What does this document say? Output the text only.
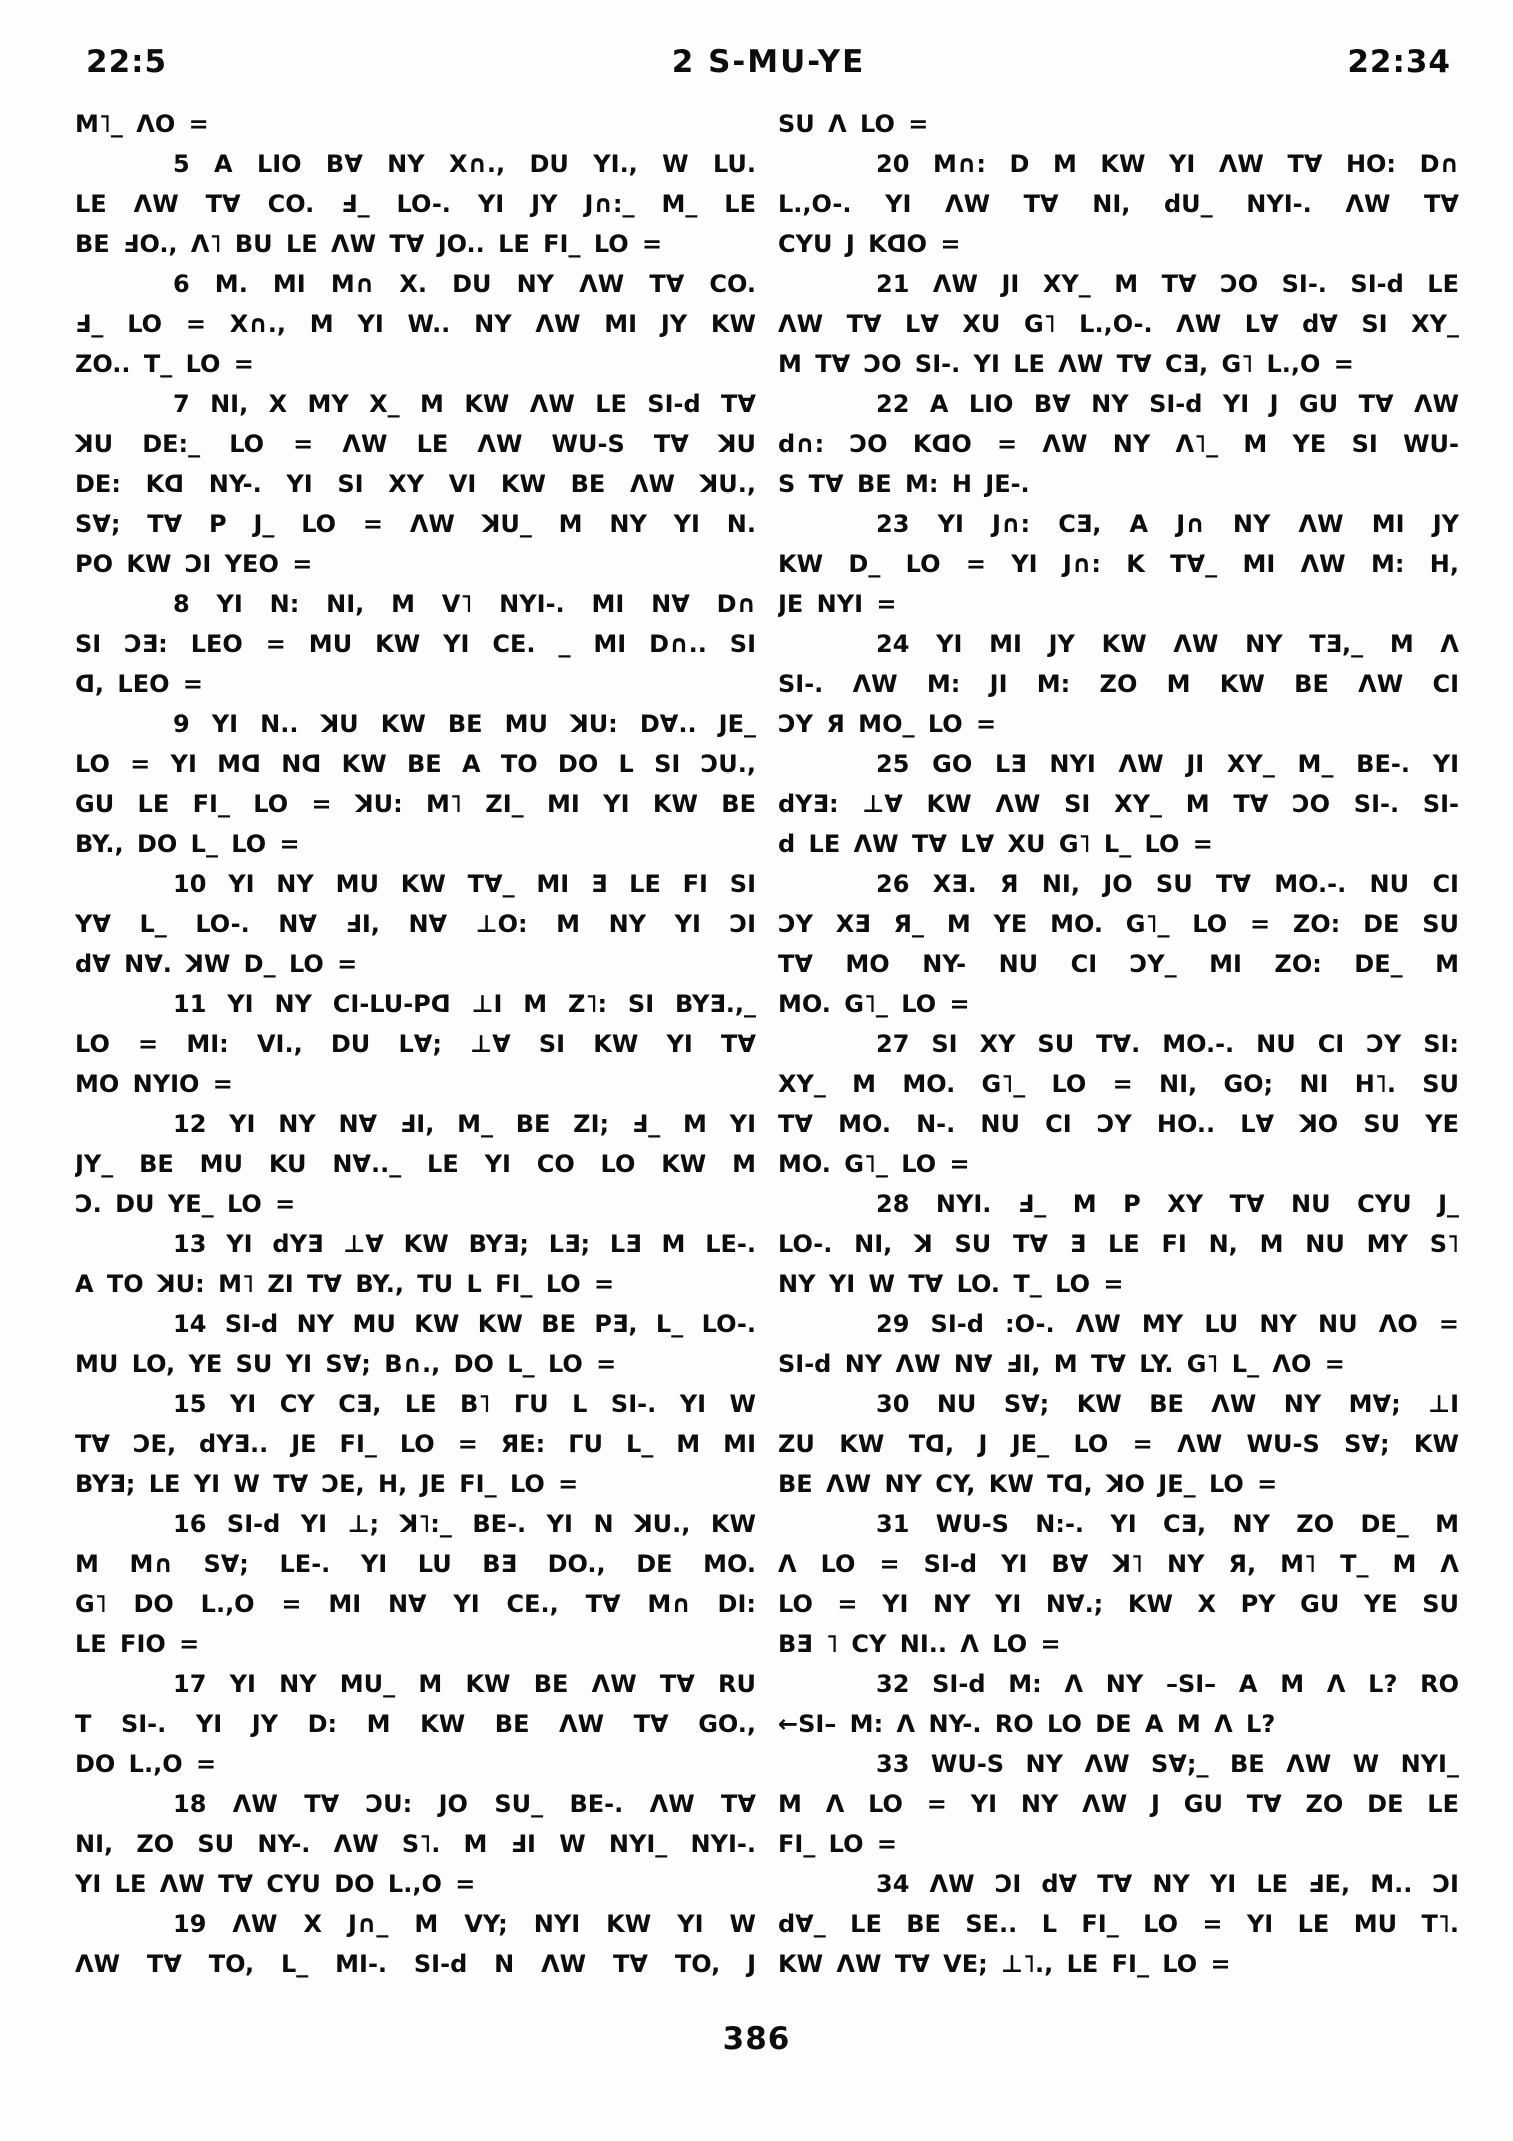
22:5	2 S-MU-YE	22:34
M˥_ ΛO =
5 A LIO B∀ NY X∩., DU YI., W LU.
LE ΛW T∀ CO. Ⅎ_ LO-. YI JY J∩:_ M_ LE
BE ℲO., Λ˥ BU LE ΛW T∀ JO.. LE FI_ LO =
6 M. MI M∩ X. DU NY ΛW T∀ CO.
Ⅎ_ LO = X∩., M YI W.. NY ΛW MI JY KW
ZO.. T_ LO =
7 NI, X MY X_ M KW ΛW LE SI-d T∀
ꓘU DE:_ LO = ΛW LE ΛW WU-S T∀ ꓘU
DE: Kᗡ NY-. YI SI XY VI KW BE ΛW ꓘU.,
S∀; T∀ P J_ LO = ΛW ꓘU_ M NY YI N.
PO KW ƆI YEO =
8 YI N: NI, M V˥ NYI-. MI N∀ D∩
SI ƆƎ: LEO = MU KW YI CE. _ MI D∩.. SI
ᗡ, LEO =
9 YI N.. ꓘU KW BE MU ꓘU: D∀.. JE_
LO = YI Mᗡ Nᗡ KW BE A TO DO L SI ƆU.,
GU LE FI_ LO = ꓘU: M˥ ZI_ MI YI KW BE
BY., DO L_ LO =
10 YI NY MU KW T∀_ MI Ǝ LE FI SI
Y∀ L_ LO-. N∀ ℲI, N∀ ⊥O: M NY YI ƆI
d∀ N∀. ꓘW D_ LO =
11 YI NY CI-LU-Pᗡ ⊥I M Z˥: SI BYƎ.,_
LO = MI: VI., DU L∀; ⊥∀ SI KW YI T∀
MO NYIO =
12 YI NY N∀ ℲI, M_ BE ZI; Ⅎ_ M YI
JY_ BE MU KU N∀.._ LE YI CO LO KW M
Ɔ. DU YE_ LO =
13 YI dYƎ ⊥∀ KW BYƎ; LƎ; LƎ M LE-.
A TO ꓘU: M˥ ZI T∀ BY., TU L FI_ LO =
14 SI-d NY MU KW KW BE PƎ, L_ LO-.
MU LO, YE SU YI S∀; B∩., DO L_ LO =
15 YI CY CƎ, LE B˥ ΓU L SI-. YI W
T∀ ƆE, dYƎ.. JE FI_ LO = ЯE: ΓU L_ M MI
BYƎ; LE YI W T∀ ƆE, H, JE FI_ LO =
16 SI-d YI ⊥; ꓘ˥:_ BE-. YI N ꓘU., KW
M M∩ S∀; LE-. YI LU BƎ DO., DE MO.
G˥ DO L.,O = MI N∀ YI CE., T∀ M∩ DI:
LE FIO =
17 YI NY MU_ M KW BE ΛW T∀ RU
T SI-. YI JY D: M KW BE ΛW T∀ GO.,
DO L.,O =
18 ΛW T∀ ƆU: JO SU_ BE-. ΛW T∀
NI, ZO SU NY-. ΛW S˥. M ℲI W NYI_ NYI-.
YI LE ΛW T∀ CYU DO L.,O =
19 ΛW X J∩_ M VY; NYI KW YI W
ΛW T∀ TO, L_ MI-. SI-d N ΛW T∀ TO, J
SU Λ LO =
20 M∩: D M KW YI ΛW T∀ HO: D∩
L.,O-. YI ΛW T∀ NI, dU_ NYI-. ΛW T∀
CYU J KᗡO =
21 ΛW JI XY_ M T∀ ƆO SI-. SI-d LE
ΛW T∀ L∀ XU G˥ L.,O-. ΛW L∀ d∀ SI XY_
M T∀ ƆO SI-. YI LE ΛW T∀ CƎ, G˥ L.,O =
22 A LIO B∀ NY SI-d YI J GU T∀ ΛW
d∩: ƆO KᗡO = ΛW NY Λ˥_ M YE SI WU-
S T∀ BE M: H JE-.
23 YI J∩: CƎ, A J∩ NY ΛW MI JY
KW D_ LO = YI J∩: K T∀_ MI ΛW M: H,
JE NYI =
24 YI MI JY KW ΛW NY TƎ,_ M Λ
SI-. ΛW M: JI M: ZO M KW BE ΛW CI
ƆY Я MO_ LO =
25 GO LƎ NYI ΛW JI XY_ M_ BE-. YI
dYƎ: ⊥∀ KW ΛW SI XY_ M T∀ ƆO SI-. SI-
d LE ΛW T∀ L∀ XU G˥ L_ LO =
26 XƎ. Я NI, JO SU T∀ MO.-. NU CI
ƆY XƎ Я_ M YE MO. G˥_ LO = ZO: DE SU
T∀ MO NY- NU CI ƆY_ MI ZO: DE_ M
MO. G˥_ LO =
27 SI XY SU T∀. MO.-. NU CI ƆY SI:
XY_ M MO. G˥_ LO = NI, GO; NI H˥. SU
T∀ MO. N-. NU CI ƆY HO.. L∀ ꓘO SU YE
MO. G˥_ LO =
28 NYI. Ⅎ_ M P XY T∀ NU CYU J_
LO-. NI, ꓘ SU T∀ Ǝ LE FI N, M NU MY S˥
NY YI W T∀ LO. T_ LO =
29 SI-d :O-. ΛW MY LU NY NU ΛO =
SI-d NY ΛW N∀ ℲI, M T∀ LY. G˥ L_ ΛO =
30 NU S∀; KW BE ΛW NY M∀; ⊥I
ZU KW Tᗡ, J JE_ LO = ΛW WU-S S∀; KW
BE ΛW NY CY, KW Tᗡ, ꓘO JE_ LO =
31 WU-S N:-. YI CƎ, NY ZO DE_ M
Λ LO = SI-d YI B∀ ꓘ˥ NY Я, M˥ T_ M Λ
LO = YI NY YI N∀.; KW X PY GU YE SU
BƎ ˥ CY NI.. Λ LO =
32 SI-d M: Λ NY –SI– A M Λ L? RO
←SI– M: Λ NY-. RO LO DE A M Λ L?
33 WU-S NY ΛW S∀;_ BE ΛW W NYI_
M Λ LO = YI NY ΛW J GU T∀ ZO DE LE
FI_ LO =
34 ΛW ƆI d∀ T∀ NY YI LE ℲE, M.. ƆI
d∀_ LE BE SE.. L FI_ LO = YI LE MU T˥.
KW ΛW T∀ VE; ⊥˥., LE FI_ LO =
386
